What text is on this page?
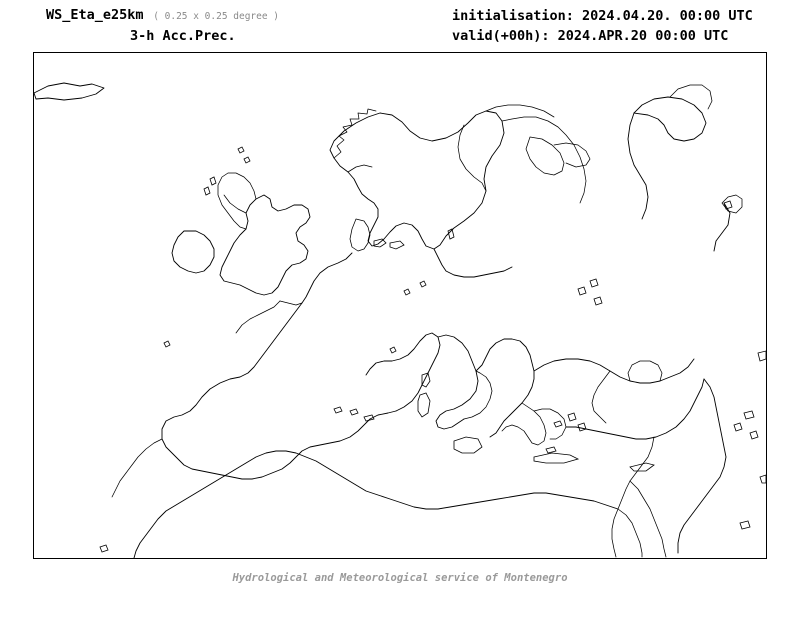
WS_Eta_e25km ( 0.25 x 0.25 degree )
3-h Acc.Prec.
initialisation: 2024.04.20. 00:00 UTC
valid(+00h): 2024.APR.20 00:00 UTC
Hydrological and Meteorological service of Montenegro
